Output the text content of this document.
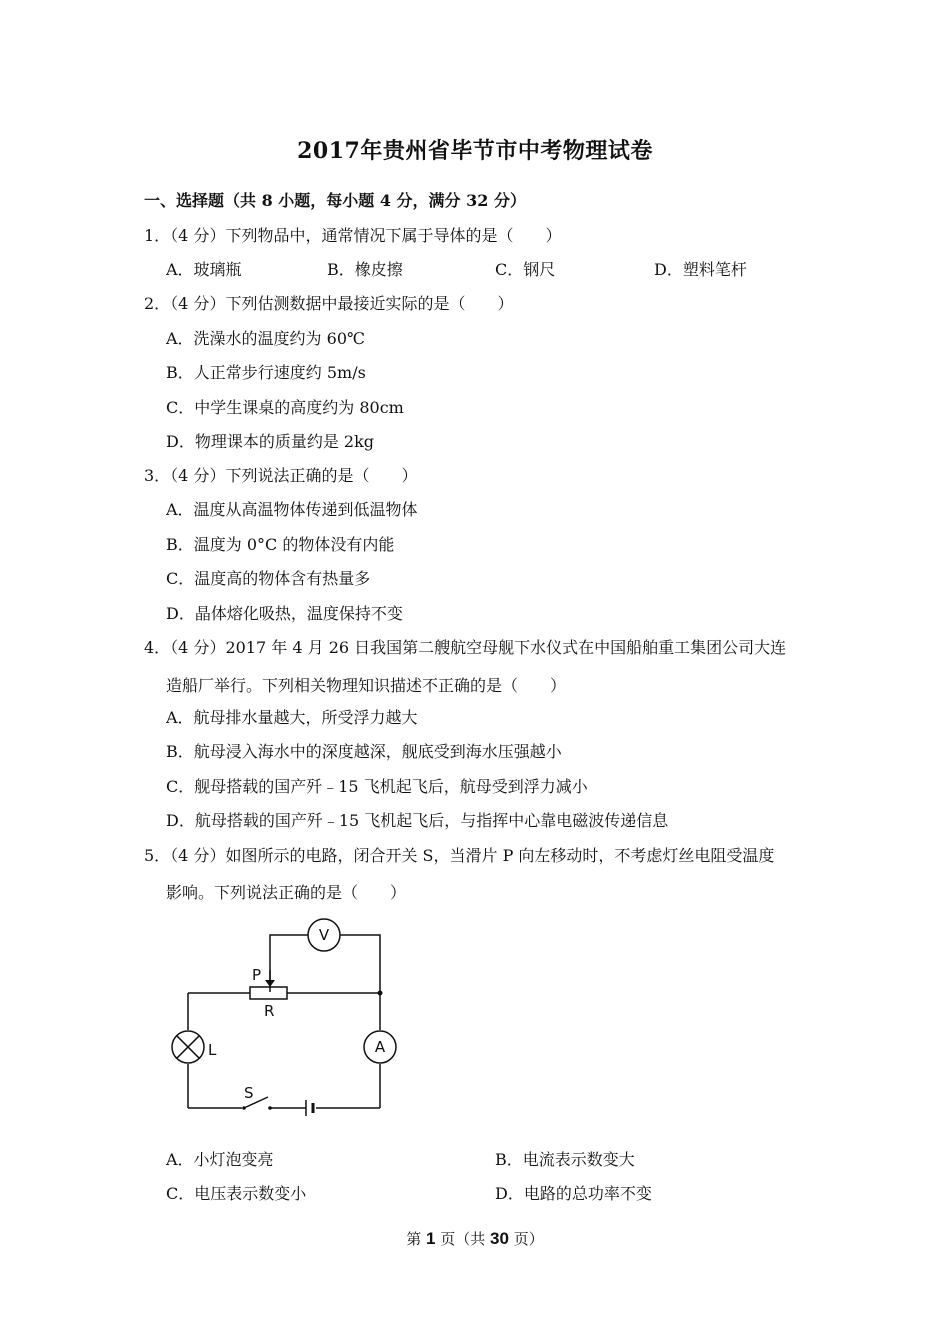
2017年贵州省毕节市中考物理试卷
一、选择题（共 8 小题，每小题 4 分，满分 32 分）
1．（4 分）下列物品中，通常情况下属于导体的是（　　）
A．玻璃瓶	B．橡皮擦	C．钢尺	D．塑料笔杆
2．（4 分）下列估测数据中最接近实际的是（　　）
A．洗澡水的温度约为 60℃
B．人正常步行速度约 5m/s
C．中学生课桌的高度约为 80cm
D．物理课本的质量约是 2kg
3．（4 分）下列说法正确的是（　　）
A．温度从高温物体传递到低温物体
B．温度为 0°C 的物体没有内能
C．温度高的物体含有热量多
D．晶体熔化吸热，温度保持不变
4．（4 分）2017 年 4 月 26 日我国第二艘航空母舰下水仪式在中国船舶重工集团公司大连
造船厂举行。下列相关物理知识描述不正确的是（　　）
A．航母排水量越大，所受浮力越大
B．航母浸入海水中的深度越深，舰底受到海水压强越小
C．舰母搭载的国产歼﹣15 飞机起飞后，航母受到浮力减小
D．航母搭载的国产歼﹣15 飞机起飞后，与指挥中心靠电磁波传递信息
5．（4 分）如图所示的电路，闭合开关 S，当滑片 P 向左移动时，不考虑灯丝电阻受温度
影响。下列说法正确的是（　　）
V
A
P
R
L
S
A．小灯泡变亮	B．电流表示数变大
C．电压表示数变小	D．电路的总功率不变
第 1 页（共 30 页）
